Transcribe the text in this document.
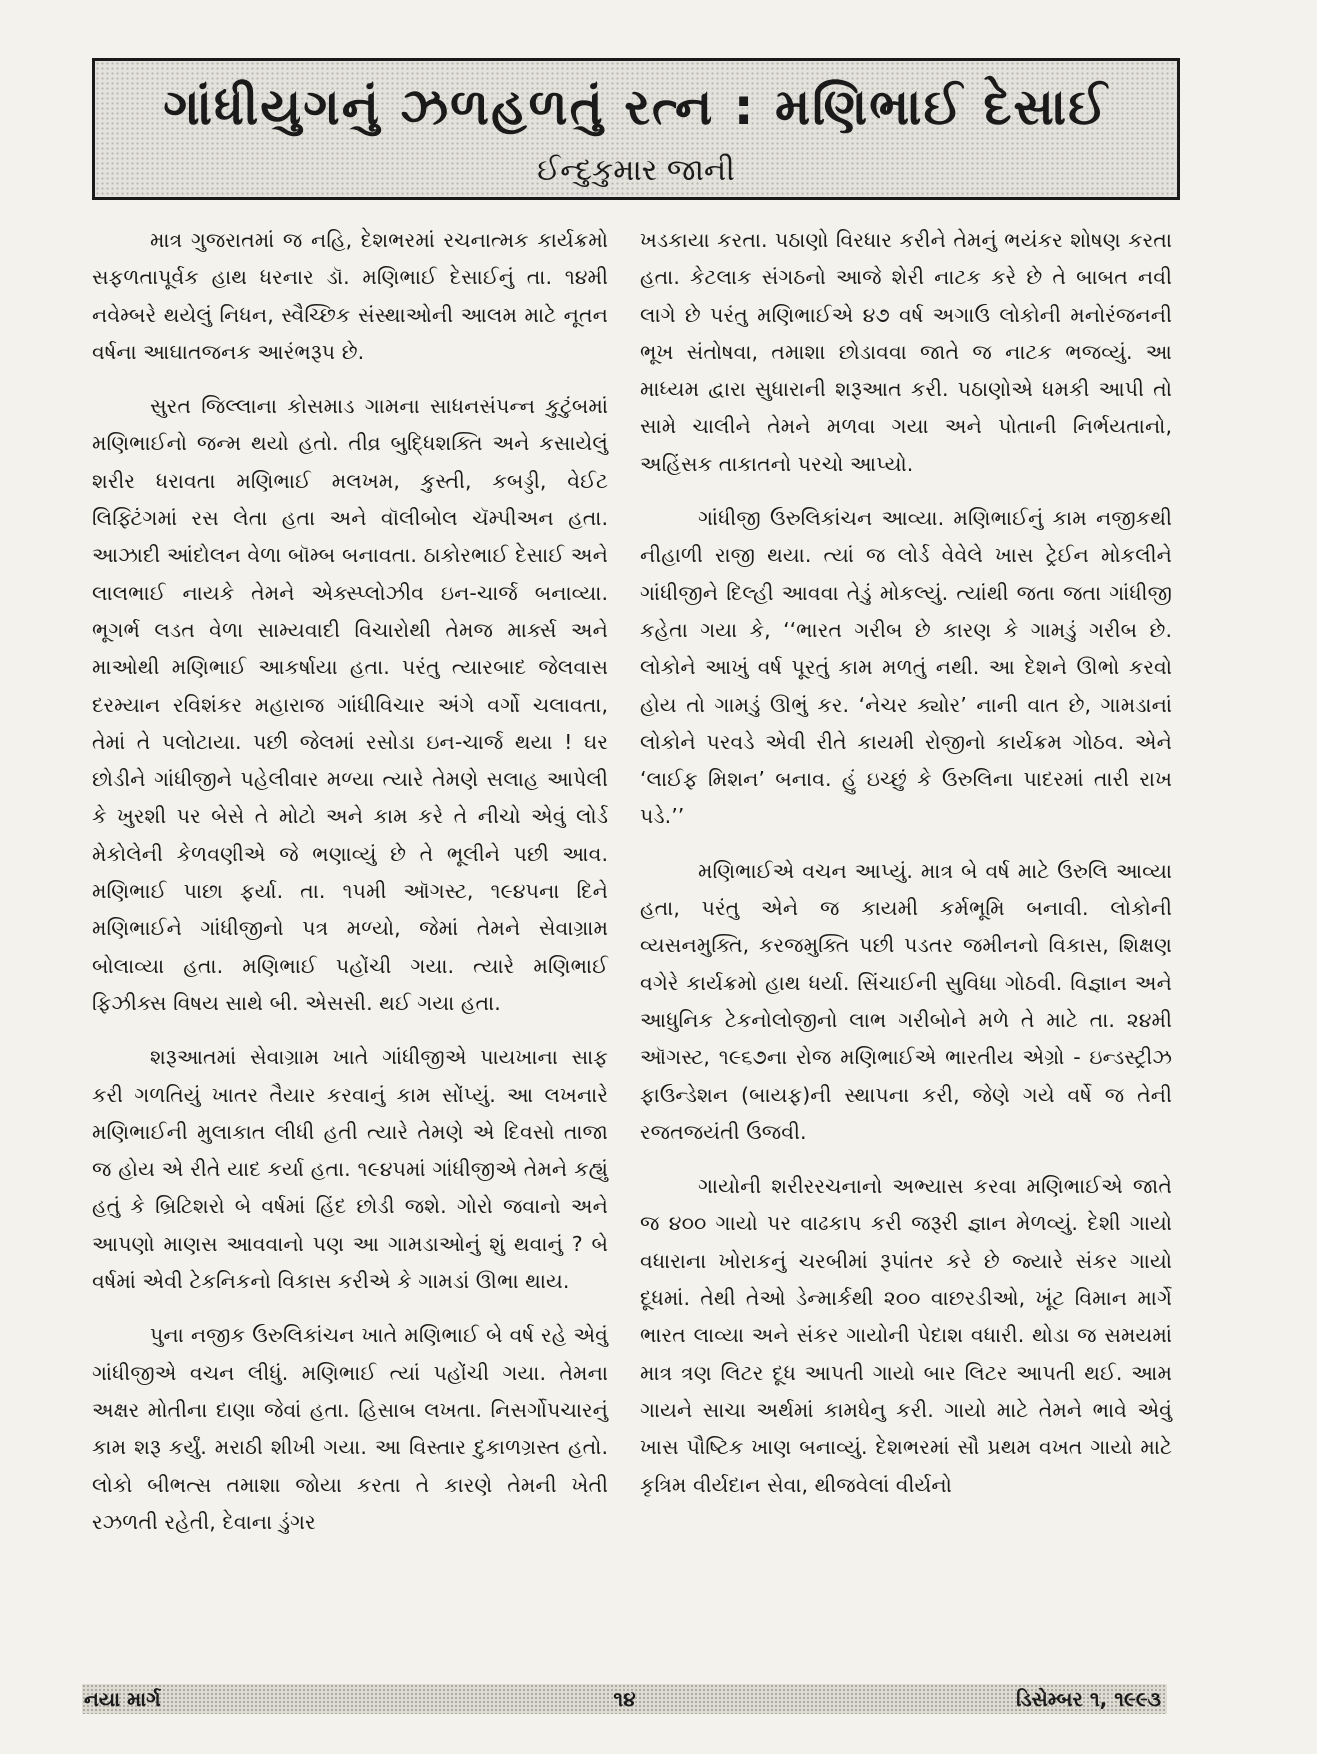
ગાંધીયુગનું ઝળહળતું રત્ન : મણિભાઈ દેસાઈ
ઈન્દુકુમાર જાની

માત્ર ગુજરાતમાં જ નહિ, દેશભરમાં રચનાત્મક કાર્યક્રમો સફળતાપૂર્વક હાથ ધરનાર ડૉ. મણિભાઈ દેસાઈનું તા. ૧૪મી નવેમ્બરે થયેલું નિધન, સ્વૈચ્છિક સંસ્થાઓની આલમ માટે નૂતન વર્ષના આઘાતજનક આરંભરૂપ છે.

સુરત જિલ્લાના કોસમાડ ગામના સાધનસંપન્ન કુટુંબમાં મણિભાઈનો જન્મ થયો હતો. તીવ્ર બુદ્ધિશક્તિ અને કસાયેલું શરીર ધરાવતા મણિભાઈ મલખમ, કુસ્તી, કબડ્ડી, વેઈટ લિફ્ટિંગમાં રસ લેતા હતા અને વૉલીબોલ ચૅમ્પીઅન હતા. આઝાદી આંદોલન વેળા બૉમ્બ બનાવતા. ઠાકોરભાઈ દેસાઈ અને લાલભાઈ નાયકે તેમને એક્સ્પ્લોઝીવ ઇન-ચાર્જ બનાવ્યા. ભૂગર્ભ લડત વેળા સામ્યવાદી વિચારોથી તેમજ માર્ક્સ અને માઓથી મણિભાઈ આકર્ષાયા હતા. પરંતુ ત્યારબાદ જેલવાસ દરમ્યાન રવિશંકર મહારાજ ગાંધીવિચાર અંગે વર્ગો ચલાવતા, તેમાં તે પલોટાયા. પછી જેલમાં રસોડા ઇન-ચાર્જ થયા ! ઘર છોડીને ગાંધીજીને પહેલીવાર મળ્યા ત્યારે તેમણે સલાહ આપેલી કે ખુરશી પર બેસે તે મોટો અને કામ કરે તે નીચો એવું લોર્ડ મેકોલેની કેળવણીએ જે ભણાવ્યું છે તે ભૂલીને પછી આવ. મણિભાઈ પાછા ફર્યા. તા. ૧૫મી ઑગસ્ટ, ૧૯૪૫ના દિને મણિભાઈને ગાંધીજીનો પત્ર મળ્યો, જેમાં તેમને સેવાગ્રામ બોલાવ્યા હતા. મણિભાઈ પહોંચી ગયા. ત્યારે મણિભાઈ ફિઝીક્સ વિષય સાથે બી. એસસી. થઈ ગયા હતા.

શરૂઆતમાં સેવાગ્રામ ખાતે ગાંધીજીએ પાયખાના સાફ કરી ગળતિયું ખાતર તૈયાર કરવાનું કામ સોંપ્યું. આ લખનારે મણિભાઈની મુલાકાત લીધી હતી ત્યારે તેમણે એ દિવસો તાજા જ હોય એ રીતે યાદ કર્યા હતા. ૧૯૪૫માં ગાંધીજીએ તેમને કહ્યું હતું કે બ્રિટિશરો બે વર્ષમાં હિંદ છોડી જશે. ગોરો જવાનો અને આપણો માણસ આવવાનો પણ આ ગામડાઓનું શું થવાનું ? બે વર્ષમાં એવી ટેકનિકનો વિકાસ કરીએ કે ગામડાં ઊભા થાય.

પુના નજીક ઉરુલિકાંચન ખાતે મણિભાઈ બે વર્ષ રહે એવું ગાંધીજીએ વચન લીધું. મણિભાઈ ત્યાં પહોંચી ગયા. તેમના અક્ષર મોતીના દાણા જેવાં હતા. હિસાબ લખતા. નિસર્ગોપચારનું કામ શરૂ કર્યું. મરાઠી શીખી ગયા. આ વિસ્તાર દુકાળગ્રસ્ત હતો. લોકો બીભત્સ તમાશા જોયા કરતા તે કારણે તેમની ખેતી રઝળતી રહેતી, દેવાના ડુંગર

ખડકાયા કરતા. પઠાણો વિરધાર કરીને તેમનું ભયંકર શોષણ કરતા હતા. કેટલાક સંગઠનો આજે શેરી નાટક કરે છે તે બાબત નવી લાગે છે પરંતુ મણિભાઈએ ૪૭ વર્ષ અગાઉ લોકોની મનોરંજનની ભૂખ સંતોષવા, તમાશા છોડાવવા જાતે જ નાટક ભજવ્યું. આ માધ્યમ દ્વારા સુધારાની શરૂઆત કરી. પઠાણોએ ધમકી આપી તો સામે ચાલીને તેમને મળવા ગયા અને પોતાની નિર્ભયતાનો, અહિંસક તાકાતનો પરચો આપ્યો.

ગાંધીજી ઉરુલિકાંચન આવ્યા. મણિભાઈનું કામ નજીકથી નીહાળી રાજી થયા. ત્યાં જ લોર્ડ વેવેલે ખાસ ટ્રેઈન મોકલીને ગાંધીજીને દિલ્હી આવવા તેડું મોકલ્યું. ત્યાંથી જતા જતા ગાંધીજી કહેતા ગયા કે, ‘‘ભારત ગરીબ છે કારણ કે ગામડું ગરીબ છે. લોકોને આખું વર્ષ પૂરતું કામ મળતું નથી. આ દેશને ઊભો કરવો હોય તો ગામડું ઊભું કર. ‘નેચર ક્યોર’ નાની વાત છે, ગામડાનાં લોકોને પરવડે એવી રીતે કાયમી રોજીનો કાર્યક્રમ ગોઠવ. એને ‘લાઈફ મિશન’ બનાવ. હું ઇચ્છું કે ઉરુલિના પાદરમાં તારી રાખ પડે.’’

મણિભાઈએ વચન આપ્યું. માત્ર બે વર્ષ માટે ઉરુલિ આવ્યા હતા, પરંતુ એને જ કાયમી કર્મભૂમિ બનાવી. લોકોની વ્યસનમુક્તિ, કરજમુક્તિ પછી પડતર જમીનનો વિકાસ, શિક્ષણ વગેરે કાર્યક્રમો હાથ ધર્યા. સિંચાઈની સુવિધા ગોઠવી. વિજ્ઞાન અને આધુનિક ટેકનોલોજીનો લાભ ગરીબોને મળે તે માટે તા. ૨૪મી ઑગસ્ટ, ૧૯૬૭ના રોજ મણિભાઈએ ભારતીય એગ્રો - ઇન્ડસ્ટ્રીઝ ફાઉન્ડેશન (બાયફ)ની સ્થાપના કરી, જેણે ગયે વર્ષે જ તેની રજતજયંતી ઉજવી.

ગાયોની શરીરરચનાનો અભ્યાસ કરવા મણિભાઈએ જાતે જ ૪૦૦ ગાયો પર વાઢકાપ કરી જરૂરી જ્ઞાન મેળવ્યું. દેશી ગાયો વધારાના ખોરાકનું ચરબીમાં રૂપાંતર કરે છે જ્યારે સંકર ગાયો દૂધમાં. તેથી તેઓ ડેન્માર્કથી ૨૦૦ વાછરડીઓ, ખૂંટ વિમાન માર્ગે ભારત લાવ્યા અને સંકર ગાયોની પેદાશ વધારી. થોડા જ સમયમાં માત્ર ત્રણ લિટર દૂધ આપતી ગાયો બાર લિટર આપતી થઈ. આમ ગાયને સાચા અર્થમાં કામધેનુ કરી. ગાયો માટે તેમને ભાવે એવું ખાસ પૌષ્ટિક ખાણ બનાવ્યું. દેશભરમાં સૌ પ્રથમ વખત ગાયો માટે કૃત્રિમ વીર્યદાન સેવા, થીજવેલાં વીર્યનો

નયા માર્ગ	૧૪	ડિસેમ્બર ૧, ૧૯૯૩
